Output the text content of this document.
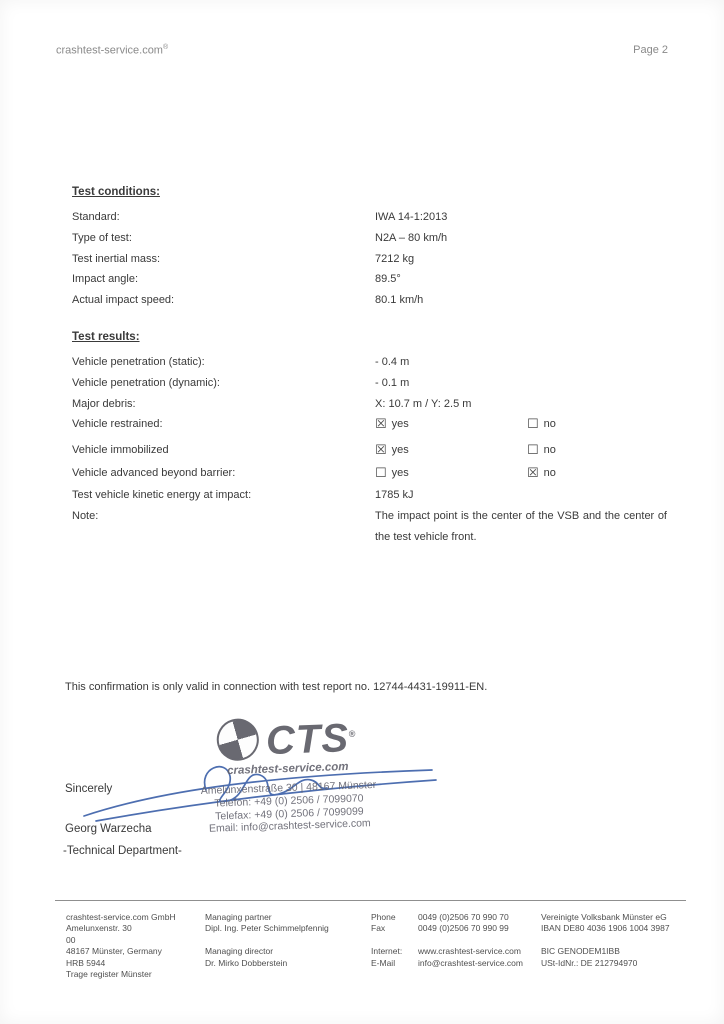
crashtest-service.com®	Page 2
Test conditions:
Standard:	IWA 14-1:2013
Type of test:	N2A – 80 km/h
Test inertial mass:	7212 kg
Impact angle:	89.5°
Actual impact speed:	80.1 km/h
Test results:
Vehicle penetration (static):	- 0.4 m
Vehicle penetration (dynamic):	- 0.1 m
Major debris:	X: 10.7 m / Y: 2.5 m
Vehicle restrained:	☒ yes	☐ no
Vehicle immobilized	☒ yes	☐ no
Vehicle advanced beyond barrier:	☐ yes	☒ no
Test vehicle kinetic energy at impact:	1785 kJ
Note:	The impact point is the center of the VSB and the center of the test vehicle front.
This confirmation is only valid in connection with test report no. 12744-4431-19911-EN.
CTS®
crashtest-service.com
Amelunxenstraße 30 | 48167 Münster
Telefon: +49 (0) 2506 / 7099070
Telefax: +49 (0) 2506 / 7099099
Email: info@crashtest-service.com
Sincerely
Georg Warzecha
-Technical Department-
crashtest-service.com GmbH
Amelunxenstr. 30
00
48167 Münster, Germany
HRB 5944
Trage register Münster
Managing partner
Dipl. Ing. Peter Schimmelpfennig
Managing director
Dr. Mirko Dobberstein
Phone	0049 (0)2506 70 990 70
Fax	0049 (0)2506 70 990 99
Internet:	www.crashtest-service.com
E-Mail	info@crashtest-service.com
Vereinigte Volksbank Münster eG
IBAN DE80 4036 1906 1004 3987
BIC GENODEM1IBB
USt-IdNr.: DE 212794970
